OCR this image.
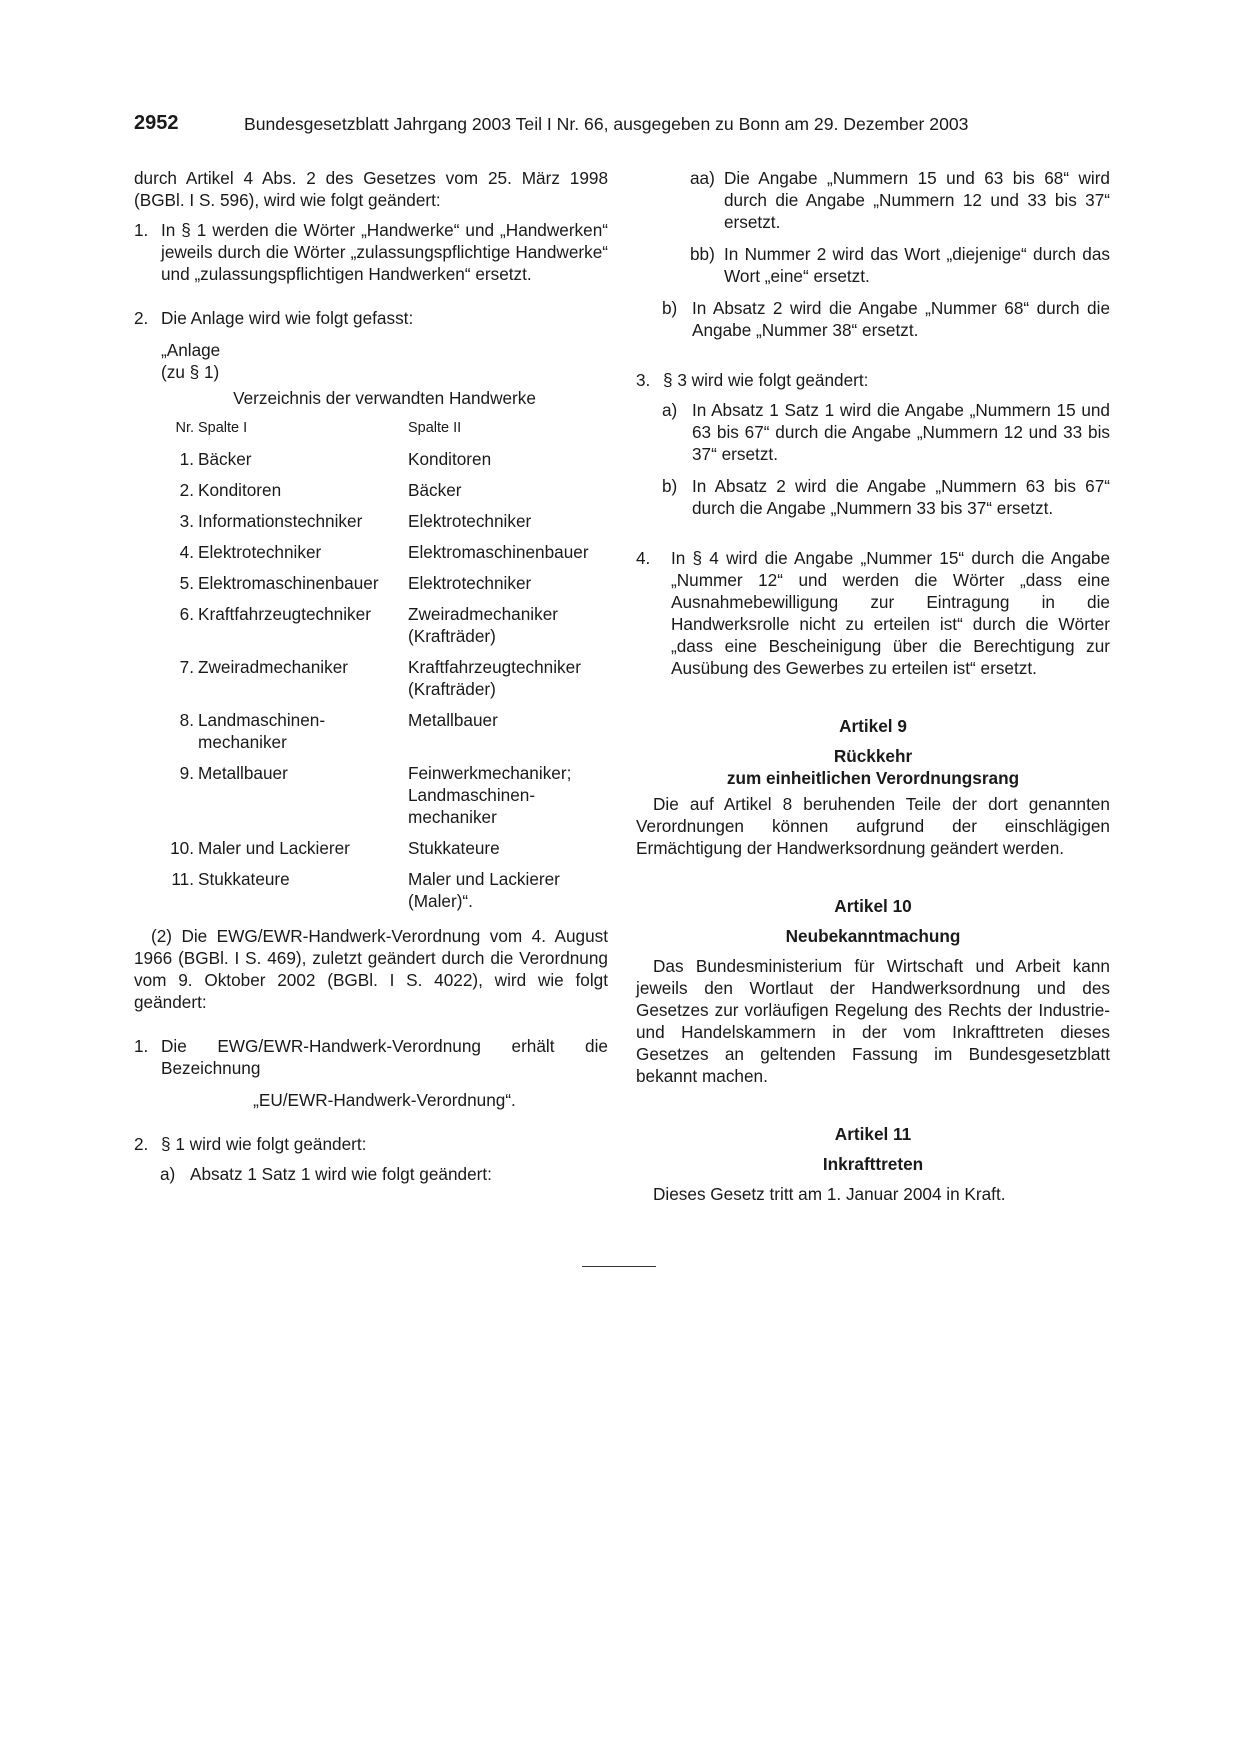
2952	Bundesgesetzblatt Jahrgang 2003 Teil I Nr. 66, ausgegeben zu Bonn am 29. Dezember 2003

durch Artikel 4 Abs. 2 des Gesetzes vom 25. März 1998 (BGBl. I S. 596), wird wie folgt geändert:

1. In § 1 werden die Wörter „Handwerke“ und „Handwerken“ jeweils durch die Wörter „zulassungspflichtige Handwerke“ und „zulassungspflichtigen Handwerken“ ersetzt.
2. Die Anlage wird wie folgt gefasst:

„Anlage

(zu § 1)

Verzeichnis der verwandten Handwerke

Nr.	Spalte I	Spalte II
1.	Bäcker	Konditoren
2.	Konditoren	Bäcker
3.	Informationstechniker	Elektrotechniker
4.	Elektrotechniker	Elektromaschinenbauer
5.	Elektromaschinenbauer	Elektrotechniker
6.	Kraftfahrzeugtechniker	Zweiradmechaniker (Krafträder)
7.	Zweiradmechaniker	Kraftfahrzeugtechniker (Krafträder)
8.	Landmaschinen-mechaniker	Metallbauer
9.	Metallbauer	Feinwerkmechaniker; Landmaschinen-mechaniker
10.	Maler und Lackierer	Stukkateure
11.	Stukkateure	Maler und Lackierer (Maler)“.

(2) Die EWG/EWR-Handwerk-Verordnung vom 4. August 1966 (BGBl. I S. 469), zuletzt geändert durch die Verordnung vom 9. Oktober 2002 (BGBl. I S. 4022), wird wie folgt geändert:

1. Die EWG/EWR-Handwerk-Verordnung erhält die Bezeichnung

„EU/EWR-Handwerk-Verordnung“.

2. § 1 wird wie folgt geändert:
a) Absatz 1 Satz 1 wird wie folgt geändert:
aa) Die Angabe „Nummern 15 und 63 bis 68“ wird durch die Angabe „Nummern 12 und 33 bis 37“ ersetzt.
bb) In Nummer 2 wird das Wort „diejenige“ durch das Wort „eine“ ersetzt.
b) In Absatz 2 wird die Angabe „Nummer 68“ durch die Angabe „Nummer 38“ ersetzt.
3. § 3 wird wie folgt geändert:
a) In Absatz 1 Satz 1 wird die Angabe „Nummern 15 und 63 bis 67“ durch die Angabe „Nummern 12 und 33 bis 37“ ersetzt.
b) In Absatz 2 wird die Angabe „Nummern 63 bis 67“ durch die Angabe „Nummern 33 bis 37“ ersetzt.
4. In § 4 wird die Angabe „Nummer 15“ durch die Angabe „Nummer 12“ und werden die Wörter „dass eine Ausnahmebewilligung zur Eintragung in die Handwerksrolle nicht zu erteilen ist“ durch die Wörter „dass eine Bescheinigung über die Berechtigung zur Ausübung des Gewerbes zu erteilen ist“ ersetzt.

Artikel 9

Rückkehr

zum einheitlichen Verordnungsrang

Die auf Artikel 8 beruhenden Teile der dort genannten Verordnungen können aufgrund der einschlägigen Ermächtigung der Handwerksordnung geändert werden.

Artikel 10

Neubekanntmachung

Das Bundesministerium für Wirtschaft und Arbeit kann jeweils den Wortlaut der Handwerksordnung und des Gesetzes zur vorläufigen Regelung des Rechts der Industrie- und Handelskammern in der vom Inkrafttreten dieses Gesetzes an geltenden Fassung im Bundesgesetzblatt bekannt machen.

Artikel 11

Inkrafttreten

Dieses Gesetz tritt am 1. Januar 2004 in Kraft.
